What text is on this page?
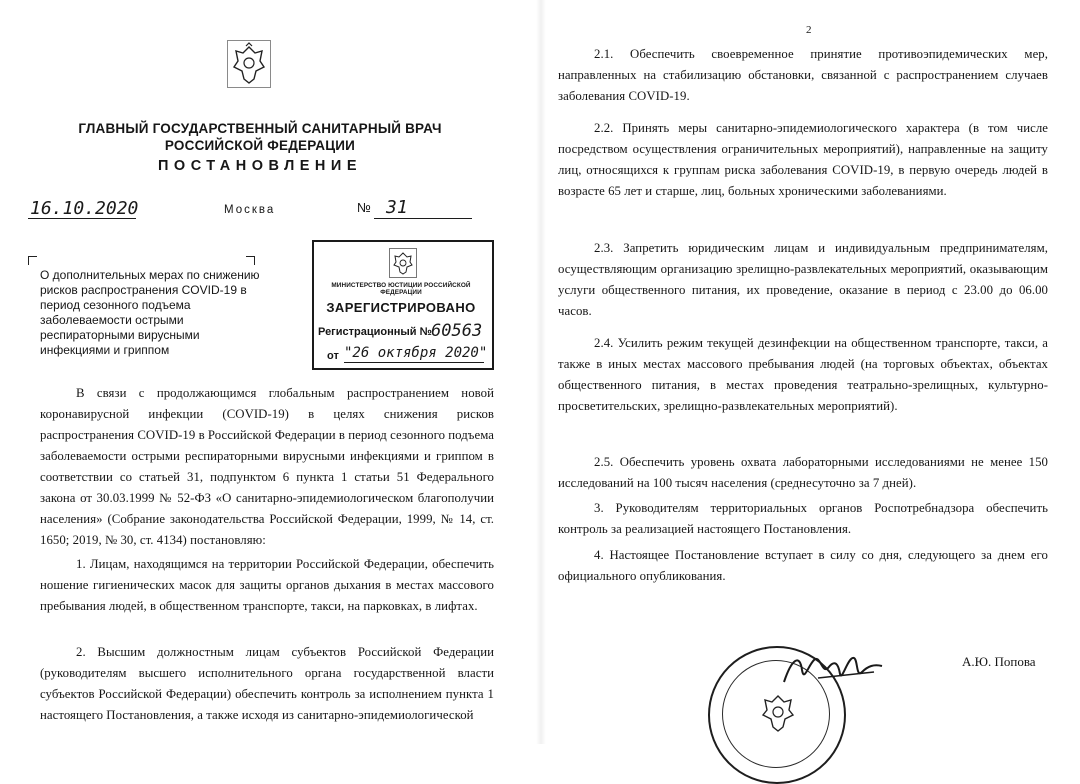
ГЛАВНЫЙ ГОСУДАРСТВЕННЫЙ САНИТАРНЫЙ ВРАЧ
РОССИЙСКОЙ ФЕДЕРАЦИИ
ПОСТАНОВЛЕНИЕ
16.10.2020	Москва	№ 31
О дополнительных мерах по снижению рисков распространения COVID-19 в период сезонного подъема заболеваемости острыми респираторными вирусными инфекциями и гриппом
МИНИСТЕРСТВО ЮСТИЦИИ РОССИЙСКОЙ ФЕДЕРАЦИИ
ЗАРЕГИСТРИРОВАНО
Регистрационный № 60563
от "26 октября 2020"
В связи с продолжающимся глобальным распространением новой коронавирусной инфекции (COVID-19) в целях снижения рисков распространения COVID-19 в Российской Федерации в период сезонного подъема заболеваемости острыми респираторными вирусными инфекциями и гриппом в соответствии со статьей 31, подпунктом 6 пункта 1 статьи 51 Федерального закона от 30.03.1999 № 52-ФЗ «О санитарно-эпидемиологическом благополучии населения» (Собрание законодательства Российской Федерации, 1999, № 14, ст. 1650; 2019, № 30, ст. 4134) постановляю:
1. Лицам, находящимся на территории Российской Федерации, обеспечить ношение гигиенических масок для защиты органов дыхания в местах массового пребывания людей, в общественном транспорте, такси, на парковках, в лифтах.
2. Высшим должностным лицам субъектов Российской Федерации (руководителям высшего исполнительного органа государственной власти субъектов Российской Федерации) обеспечить контроль за исполнением пункта 1 настоящего Постановления, а также исходя из санитарно-эпидемиологической
2
2.1. Обеспечить своевременное принятие противоэпидемических мер, направленных на стабилизацию обстановки, связанной с распространением случаев заболевания COVID-19.
2.2. Принять меры санитарно-эпидемиологического характера (в том числе посредством осуществления ограничительных мероприятий), направленные на защиту лиц, относящихся к группам риска заболевания COVID-19, в первую очередь людей в возрасте 65 лет и старше, лиц, больных хроническими заболеваниями.
2.3. Запретить юридическим лицам и индивидуальным предпринимателям, осуществляющим организацию зрелищно-развлекательных мероприятий, оказывающим услуги общественного питания, их проведение, оказание в период с 23.00 до 06.00 часов.
2.4. Усилить режим текущей дезинфекции на общественном транспорте, такси, а также в иных местах массового пребывания людей (на торговых объектах, объектах общественного питания, в местах проведения театрально-зрелищных, культурно-просветительских, зрелищно-развлекательных мероприятий).
2.5. Обеспечить уровень охвата лабораторными исследованиями не менее 150 исследований на 100 тысяч населения (среднесуточно за 7 дней).
3. Руководителям территориальных органов Роспотребнадзора обеспечить контроль за реализацией настоящего Постановления.
4. Настоящее Постановление вступает в силу со дня, следующего за днем его официального опубликования.
А.Ю. Попова
